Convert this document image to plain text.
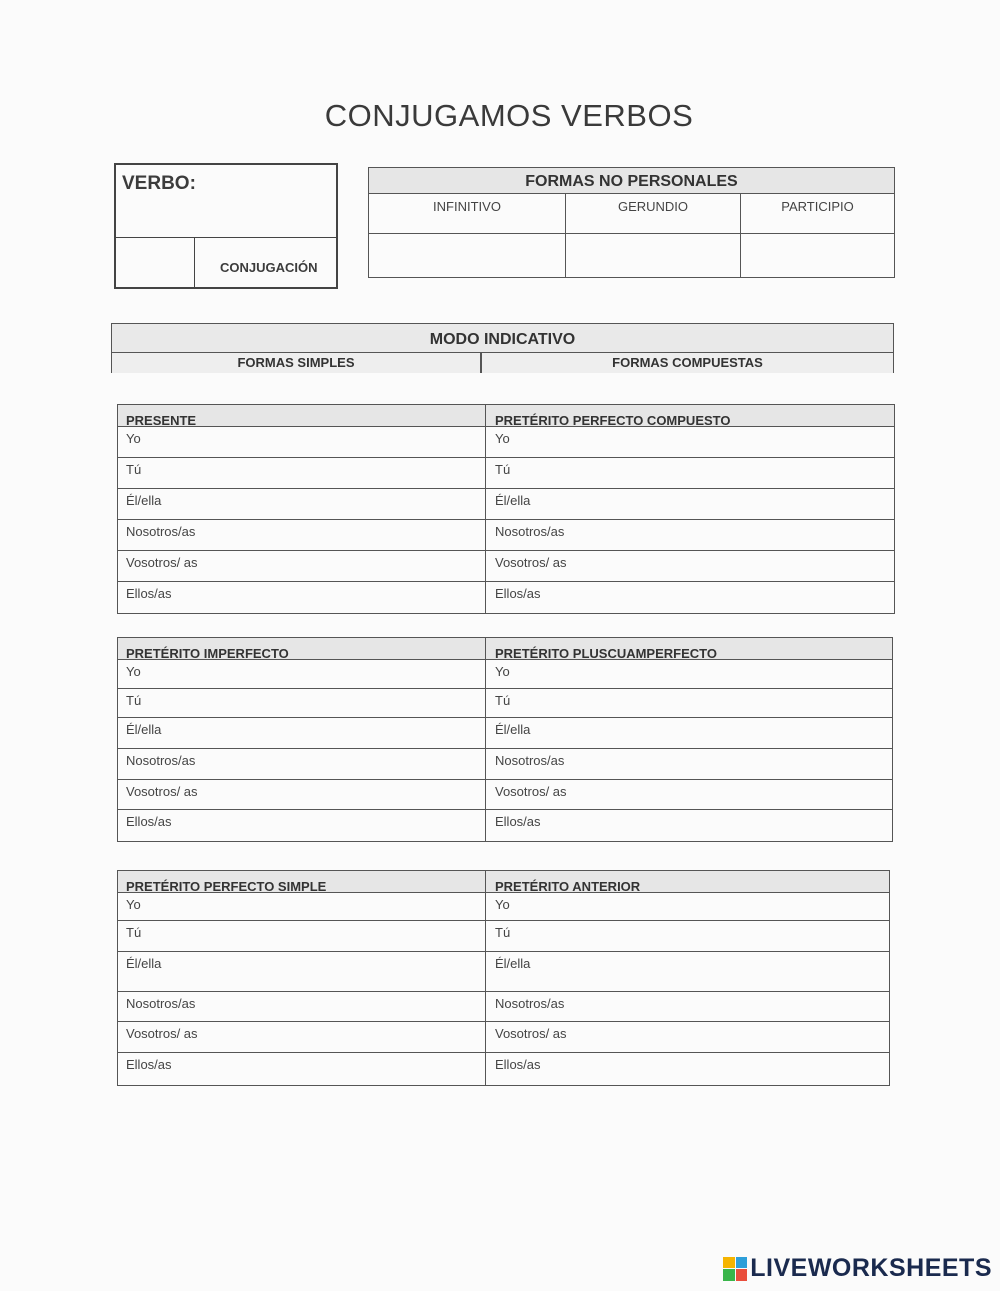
CONJUGAMOS VERBOS
VERBO:
CONJUGACIÓN
FORMAS NO PERSONALES
INFINITIVO	GERUNDIO	PARTICIPIO
MODO INDICATIVO
FORMAS SIMPLES	FORMAS COMPUESTAS
PRESENTE	PRETÉRITO PERFECTO COMPUESTO
Yo	Yo
Tú	Tú
Él/ella	Él/ella
Nosotros/as	Nosotros/as
Vosotros/ as	Vosotros/ as
Ellos/as	Ellos/as
PRETÉRITO IMPERFECTO	PRETÉRITO PLUSCUAMPERFECTO
Yo	Yo
Tú	Tú
Él/ella	Él/ella
Nosotros/as	Nosotros/as
Vosotros/ as	Vosotros/ as
Ellos/as	Ellos/as
PRETÉRITO PERFECTO SIMPLE	PRETÉRITO ANTERIOR
Yo	Yo
Tú	Tú
Él/ella	Él/ella
Nosotros/as	Nosotros/as
Vosotros/ as	Vosotros/ as
Ellos/as	Ellos/as
LIVEWORKSHEETS
